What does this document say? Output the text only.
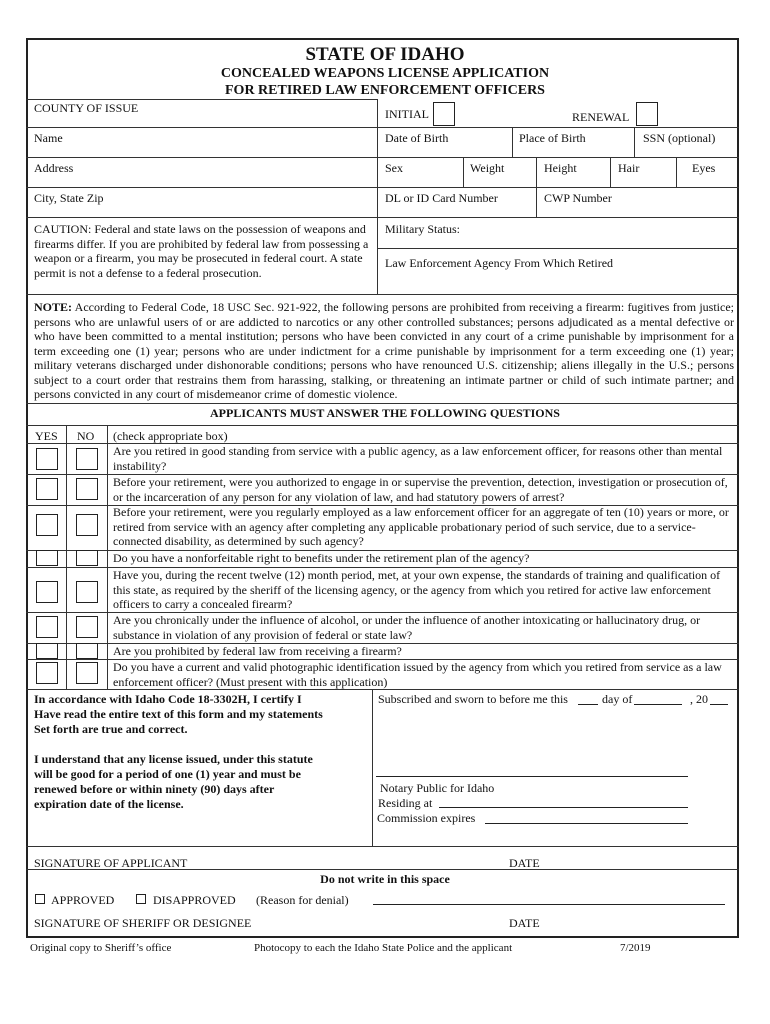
STATE OF IDAHO
CONCEALED WEAPONS LICENSE APPLICATION
FOR RETIRED LAW ENFORCEMENT OFFICERS
COUNTY OF ISSUE	INITIAL	RENEWAL
Name	Date of Birth	Place of Birth	SSN (optional)
Address	Sex	Weight	Height	Hair	Eyes
City, State Zip	DL or ID Card Number	CWP Number
CAUTION: Federal and state laws on the possession of weapons and firearms differ. If you are prohibited by federal law from possessing a weapon or a firearm, you may be prosecuted in federal court. A state permit is not a defense to a federal prosecution.
Military Status:
Law Enforcement Agency From Which Retired
NOTE: According to Federal Code, 18 USC Sec. 921-922, the following persons are prohibited from receiving a firearm: fugitives from justice; persons who are unlawful users of or are addicted to narcotics or any other controlled substances; persons adjudicated as a mental defective or who have been committed to a mental institution; persons who have been convicted in any court of a crime punishable by imprisonment for a term exceeding one (1) year; persons who are under indictment for a crime punishable by imprisonment for a term exceeding one (1) year; military veterans discharged under dishonorable conditions; persons who have renounced U.S. citizenship; aliens illegally in the U.S.; persons subject to a court order that restrains them from harassing, stalking, or threatening an intimate partner or child of such intimate partner; and persons convicted in any court of misdemeanor crime of domestic violence.
APPLICANTS MUST ANSWER THE FOLLOWING QUESTIONS
YES NO (check appropriate box)
Are you retired in good standing from service with a public agency, as a law enforcement officer, for reasons other than mental instability?
Before your retirement, were you authorized to engage in or supervise the prevention, detection, investigation or prosecution of, or the incarceration of any person for any violation of law, and had statutory powers of arrest?
Before your retirement, were you regularly employed as a law enforcement officer for an aggregate of ten (10) years or more, or retired from service with an agency after completing any applicable probationary period of such service, due to a service-connected disability, as determined by such agency?
Do you have a nonforfeitable right to benefits under the retirement plan of the agency?
Have you, during the recent twelve (12) month period, met, at your own expense, the standards of training and qualification of this state, as required by the sheriff of the licensing agency, or the agency from which you retired for active law enforcement officers to carry a concealed firearm?
Are you chronically under the influence of alcohol, or under the influence of another intoxicating or hallucinatory drug, or substance in violation of any provision of federal or state law?
Are you prohibited by federal law from receiving a firearm?
Do you have a current and valid photographic identification issued by the agency from which you retired from service as a law enforcement officer? (Must present with this application)
In accordance with Idaho Code 18-3302H, I certify I
Have read the entire text of this form and my statements
Set forth are true and correct.
I understand that any license issued, under this statute
will be good for a period of one (1) year and must be
renewed before or within ninety (90) days after
expiration date of the license.
Subscribed and sworn to before me this	day of	, 20
Notary Public for Idaho
Residing at
Commission expires
SIGNATURE OF APPLICANT	DATE
Do not write in this space
APPROVED	DISAPPROVED (Reason for denial)
SIGNATURE OF SHERIFF OR DESIGNEE	DATE
Original copy to Sheriff’s office	Photocopy to each the Idaho State Police and the applicant	7/2019
